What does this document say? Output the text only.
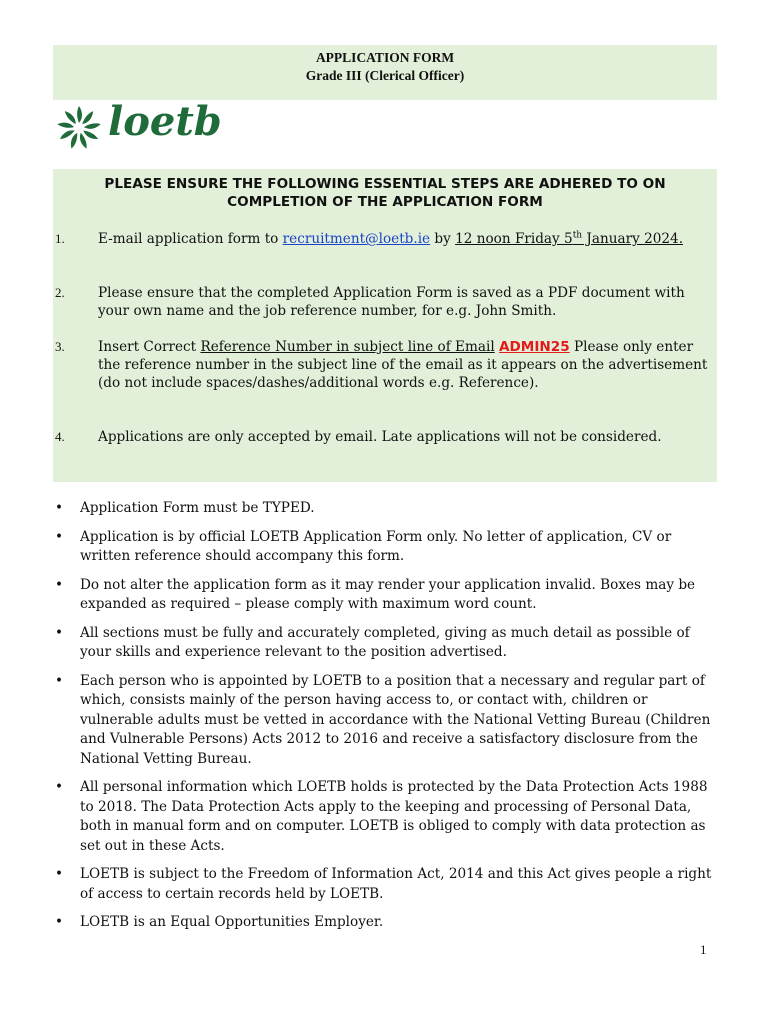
APPLICATION FORM
Grade III (Clerical Officer)
loetb
PLEASE ENSURE THE FOLLOWING ESSENTIAL STEPS ARE ADHERED TO ON COMPLETION OF THE APPLICATION FORM
1. E-mail application form to recruitment@loetb.ie by 12 noon Friday 5th January 2024.
2. Please ensure that the completed Application Form is saved as a PDF document with your own name and the job reference number, for e.g. John Smith.
3. Insert Correct Reference Number in subject line of Email ADMIN25 Please only enter the reference number in the subject line of the email as it appears on the advertisement (do not include spaces/dashes/additional words e.g. Reference).
4. Applications are only accepted by email. Late applications will not be considered.
• Application Form must be TYPED.
• Application is by official LOETB Application Form only. No letter of application, CV or written reference should accompany this form.
• Do not alter the application form as it may render your application invalid. Boxes may be expanded as required – please comply with maximum word count.
• All sections must be fully and accurately completed, giving as much detail as possible of your skills and experience relevant to the position advertised.
• Each person who is appointed by LOETB to a position that a necessary and regular part of which, consists mainly of the person having access to, or contact with, children or vulnerable adults must be vetted in accordance with the National Vetting Bureau (Children and Vulnerable Persons) Acts 2012 to 2016 and receive a satisfactory disclosure from the National Vetting Bureau.
• All personal information which LOETB holds is protected by the Data Protection Acts 1988 to 2018. The Data Protection Acts apply to the keeping and processing of Personal Data, both in manual form and on computer. LOETB is obliged to comply with data protection as set out in these Acts.
• LOETB is subject to the Freedom of Information Act, 2014 and this Act gives people a right of access to certain records held by LOETB.
• LOETB is an Equal Opportunities Employer.
1
